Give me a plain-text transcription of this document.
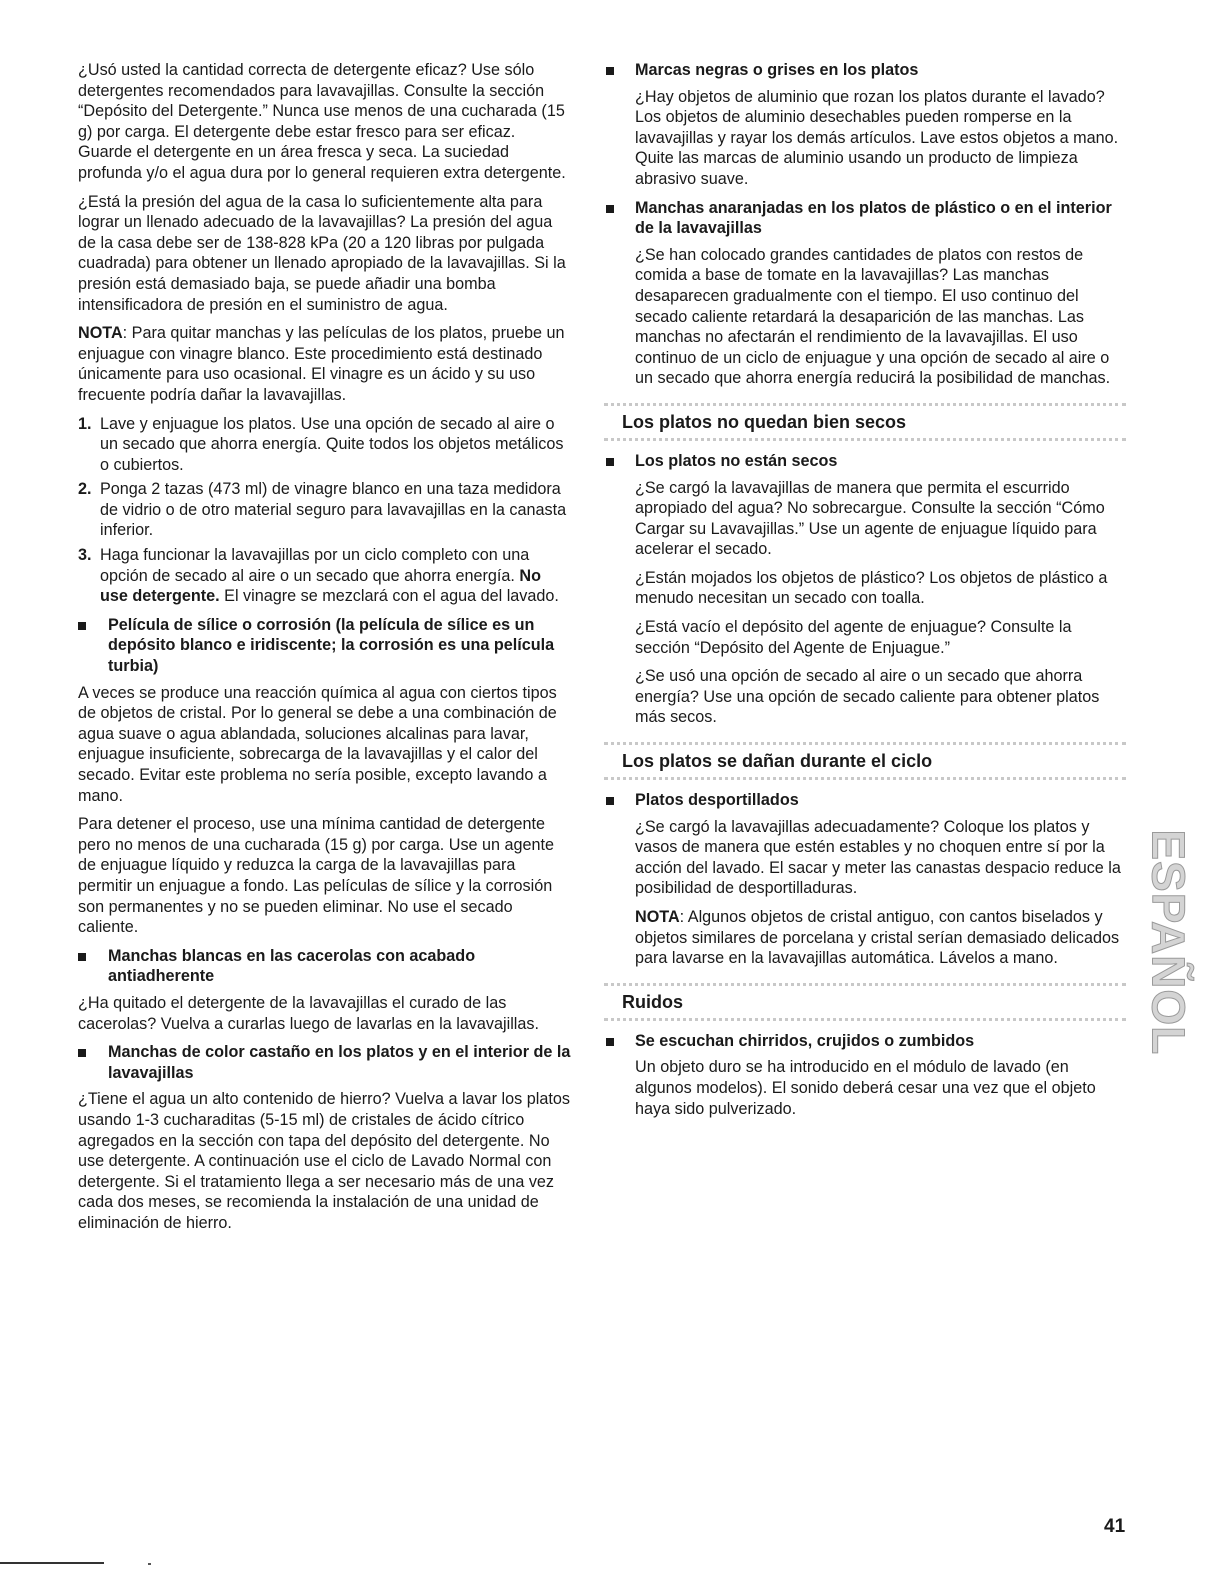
¿Usó usted la cantidad correcta de detergente eficaz? Use sólo detergentes recomendados para lavavajillas. Consulte la sección “Depósito del Detergente.” Nunca use menos de una cucharada (15 g) por carga. El detergente debe estar fresco para ser eficaz. Guarde el detergente en un área fresca y seca. La suciedad profunda y/o el agua dura por lo general requieren extra detergente.

¿Está la presión del agua de la casa lo suficientemente alta para lograr un llenado adecuado de la lavavajillas? La presión del agua de la casa debe ser de 138-828 kPa (20 a 120 libras por pulgada cuadrada) para obtener un llenado apropiado de la lavavajillas. Si la presión está demasiado baja, se puede añadir una bomba intensificadora de presión en el suministro de agua.

NOTA: Para quitar manchas y las películas de los platos, pruebe un enjuague con vinagre blanco. Este procedimiento está destinado únicamente para uso ocasional. El vinagre es un ácido y su uso frecuente podría dañar la lavavajillas.

1. Lave y enjuague los platos. Use una opción de secado al aire o un secado que ahorra energía. Quite todos los objetos metálicos o cubiertos.
2. Ponga 2 tazas (473 ml) de vinagre blanco en una taza medidora de vidrio o de otro material seguro para lavavajillas en la canasta inferior.
3. Haga funcionar la lavavajillas por un ciclo completo con una opción de secado al aire o un secado que ahorra energía. No use detergente. El vinagre se mezclará con el agua del lavado.
Película de sílice o corrosión (la película de sílice es un depósito blanco e iridiscente; la corrosión es una película turbia)

A veces se produce una reacción química al agua con ciertos tipos de objetos de cristal. Por lo general se debe a una combinación de agua suave o agua ablandada, soluciones alcalinas para lavar, enjuague insuficiente, sobrecarga de la lavavajillas y el calor del secado. Evitar este problema no sería posible, excepto lavando a mano.

Para detener el proceso, use una mínima cantidad de detergente pero no menos de una cucharada (15 g) por carga. Use un agente de enjuague líquido y reduzca la carga de la lavavajillas para permitir un enjuague a fondo. Las películas de sílice y la corrosión son permanentes y no se pueden eliminar. No use el secado caliente.

Manchas blancas en las cacerolas con acabado antiadherente

¿Ha quitado el detergente de la lavavajillas el curado de las cacerolas? Vuelva a curarlas luego de lavarlas en la lavavajillas.

Manchas de color castaño en los platos y en el interior de la lavavajillas

¿Tiene el agua un alto contenido de hierro? Vuelva a lavar los platos usando 1-3 cucharaditas (5-15 ml) de cristales de ácido cítrico agregados en la sección con tapa del depósito del detergente. No use detergente. A continuación use el ciclo de Lavado Normal con detergente. Si el tratamiento llega a ser necesario más de una vez cada dos meses, se recomienda la instalación de una unidad de eliminación de hierro.

Marcas negras o grises en los platos

¿Hay objetos de aluminio que rozan los platos durante el lavado? Los objetos de aluminio desechables pueden romperse en la lavavajillas y rayar los demás artículos. Lave estos objetos a mano. Quite las marcas de aluminio usando un producto de limpieza abrasivo suave.

Manchas anaranjadas en los platos de plástico o en el interior de la lavavajillas

¿Se han colocado grandes cantidades de platos con restos de comida a base de tomate en la lavavajillas? Las manchas desaparecen gradualmente con el tiempo. El uso continuo del secado caliente retardará la desaparición de las manchas. Las manchas no afectarán el rendimiento de la lavavajillas. El uso continuo de un ciclo de enjuague y una opción de secado al aire o un secado que ahorra energía reducirá la posibilidad de manchas.

Los platos no quedan bien secos
Los platos no están secos

¿Se cargó la lavavajillas de manera que permita el escurrido apropiado del agua? No sobrecargue. Consulte la sección “Cómo Cargar su Lavavajillas.” Use un agente de enjuague líquido para acelerar el secado.

¿Están mojados los objetos de plástico? Los objetos de plástico a menudo necesitan un secado con toalla.

¿Está vacío el depósito del agente de enjuague? Consulte la sección “Depósito del Agente de Enjuague.”

¿Se usó una opción de secado al aire o un secado que ahorra energía? Use una opción de secado caliente para obtener platos más secos.

Los platos se dañan durante el ciclo
Platos desportillados

¿Se cargó la lavavajillas adecuadamente? Coloque los platos y vasos de manera que estén estables y no choquen entre sí por la acción del lavado. El sacar y meter las canastas despacio reduce la posibilidad de desportilladuras.

NOTA: Algunos objetos de cristal antiguo, con cantos biselados y objetos similares de porcelana y cristal serían demasiado delicados para lavarse en la lavavajillas automática. Lávelos a mano.

Ruidos
Se escuchan chirridos, crujidos o zumbidos

Un objeto duro se ha introducido en el módulo de lavado (en algunos modelos). El sonido deberá cesar una vez que el objeto haya sido pulverizado.

ESPAÑOL
41
